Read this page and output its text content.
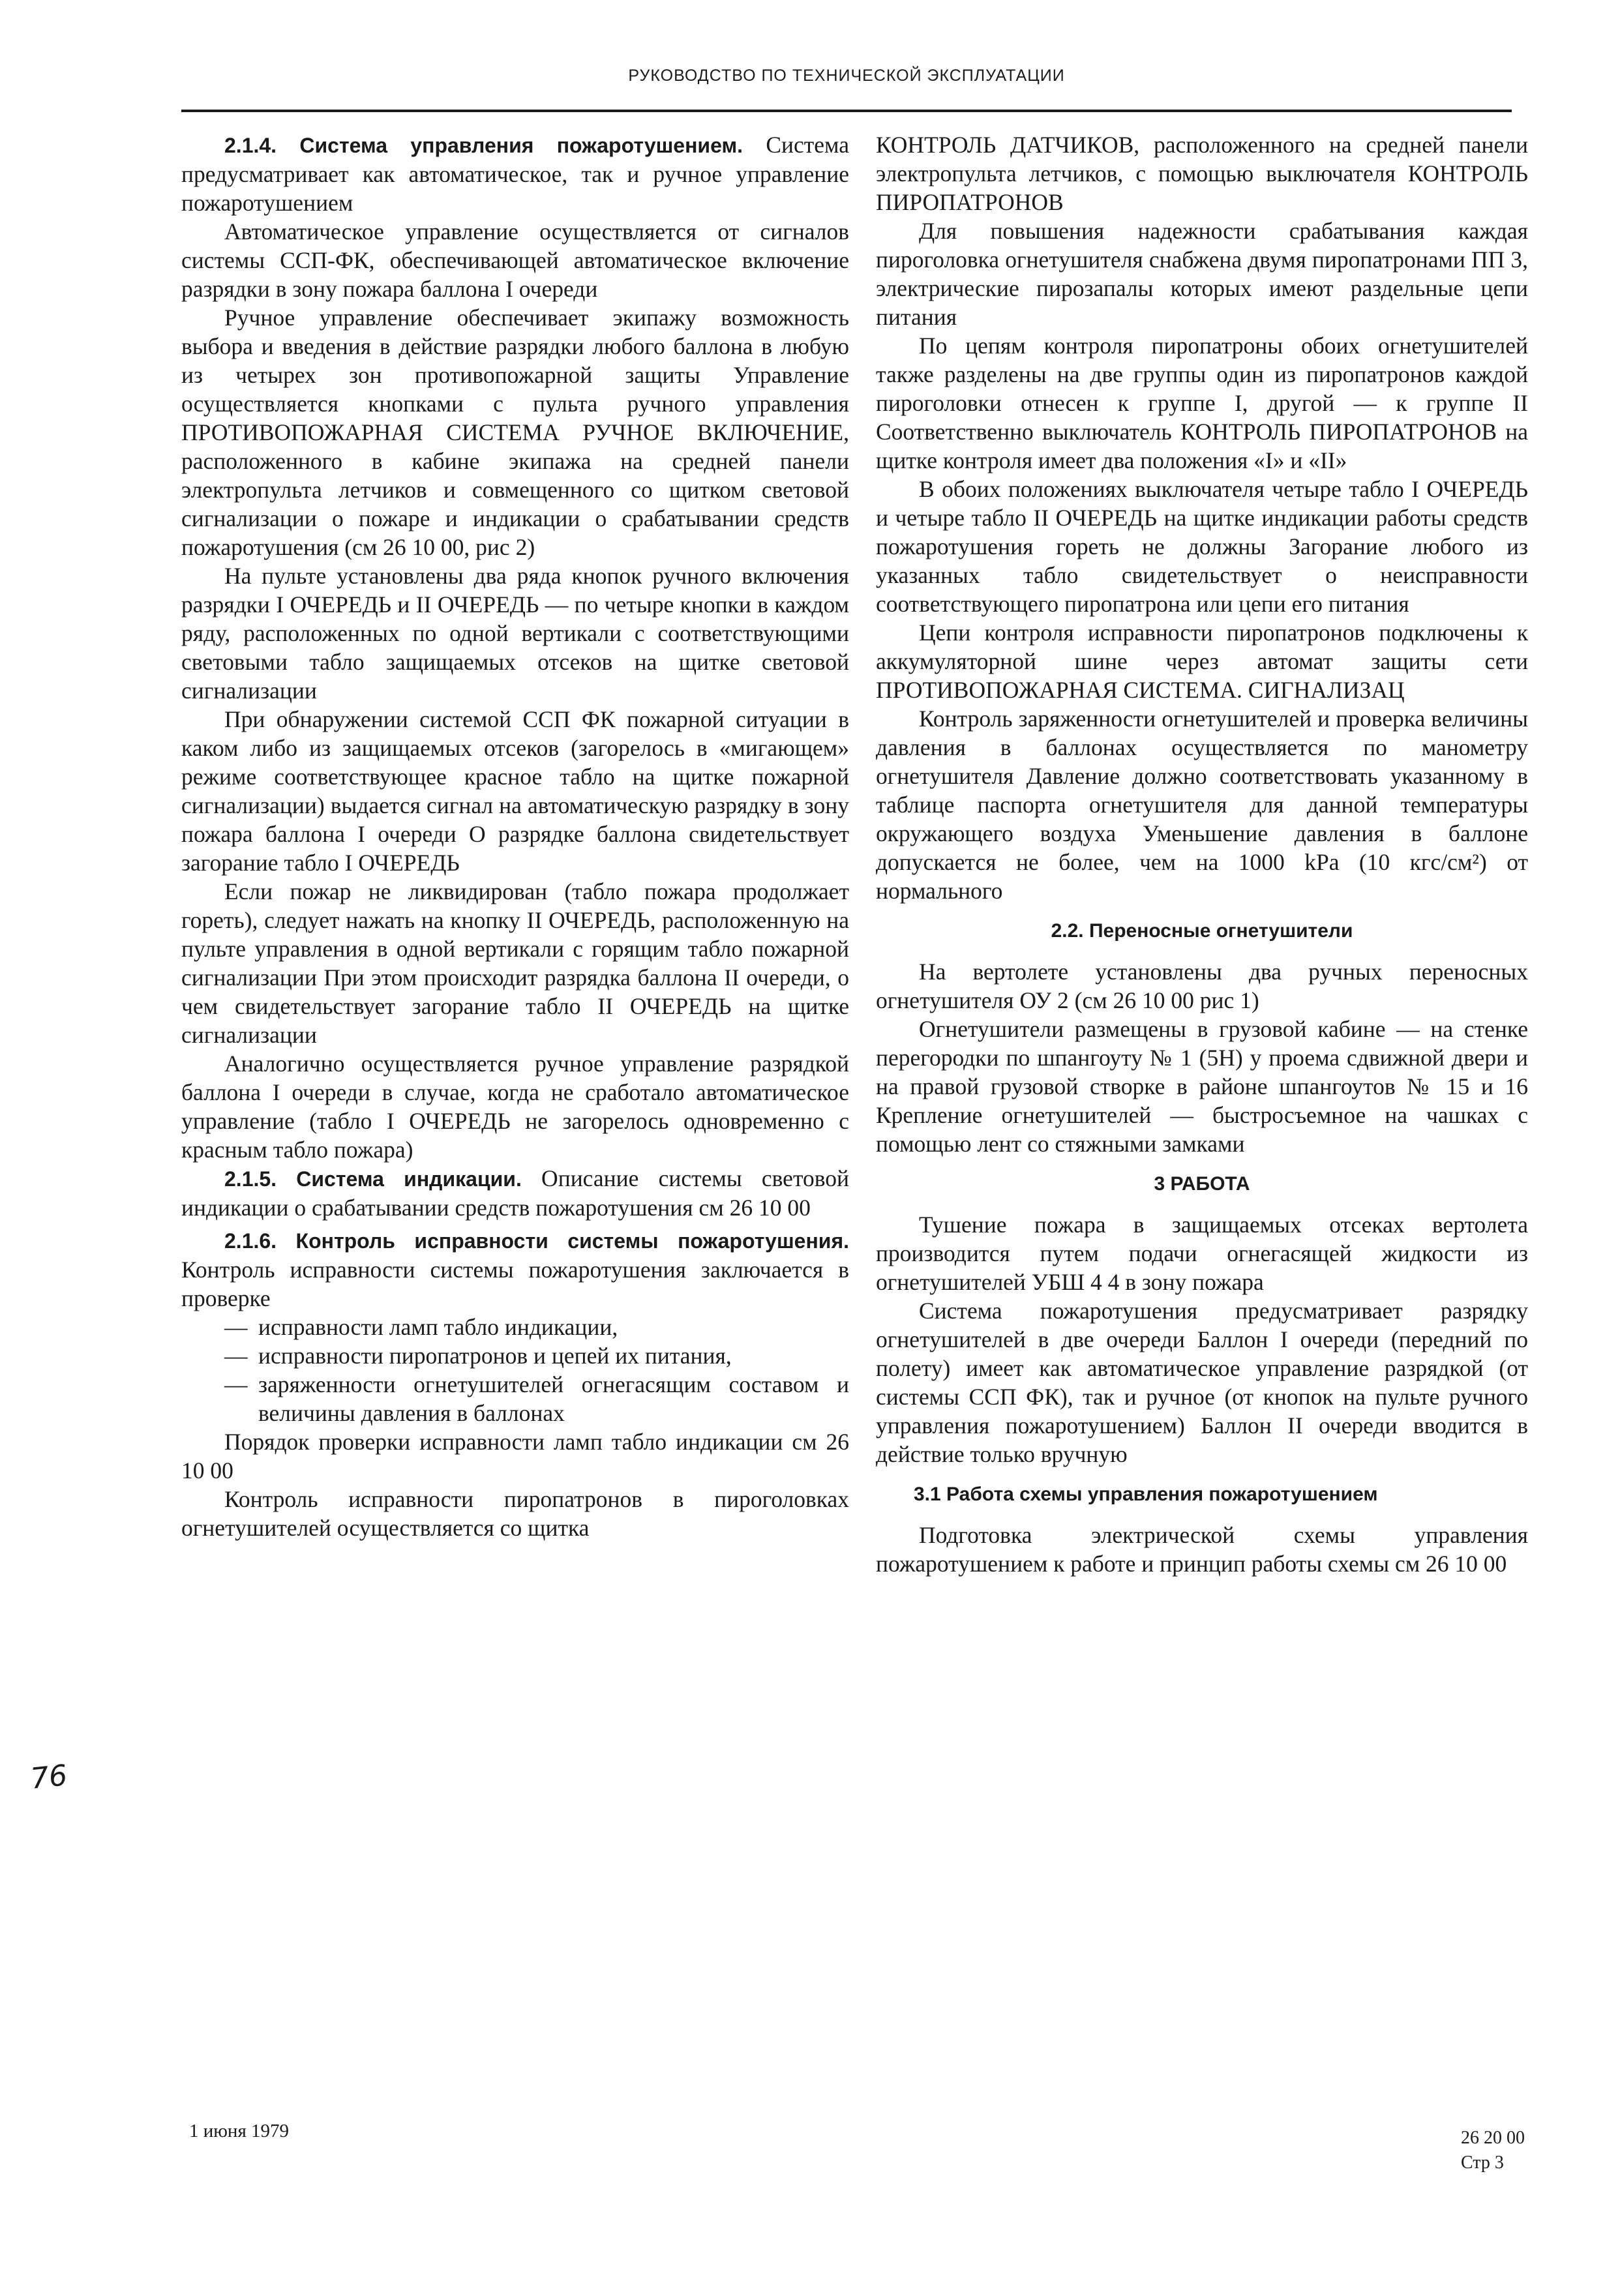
РУКОВОДСТВО ПО ТЕХНИЧЕСКОЙ ЭКСПЛУАТАЦИИ

2.1.4. Система управления пожаротушением. Система предусматривает как автоматическое, так и ручное управление пожаротушением

Автоматическое управление осуществляется от сигналов системы ССП-ФК, обеспечивающей автоматическое включение разрядки в зону пожара баллона I очереди

Ручное управление обеспечивает экипажу возможность выбора и введения в действие разрядки любого баллона в любую из четырех зон противопожарной защиты Управление осуществляется кнопками с пульта ручного управления ПРОТИВОПОЖАРНАЯ СИСТЕМА РУЧНОЕ ВКЛЮЧЕНИЕ, расположенного в кабине экипажа на средней панели электропульта летчиков и совмещенного со щитком световой сигнализации о пожаре и индикации о срабатывании средств пожаротушения (см 26 10 00, рис 2)

На пульте установлены два ряда кнопок ручного включения разрядки I ОЧЕРЕДЬ и II ОЧЕРЕДЬ — по четыре кнопки в каждом ряду, расположенных по одной вертикали с соответствующими световыми табло защищаемых отсеков на щитке световой сигнализации

При обнаружении системой ССП ФК пожарной ситуации в каком либо из защищаемых отсеков (загорелось в «мигающем» режиме соответствующее красное табло на щитке пожарной сигнализации) выдается сигнал на автоматическую разрядку в зону пожара баллона I очереди О разрядке баллона свидетельствует загорание табло I ОЧЕРЕДЬ

Если пожар не ликвидирован (табло пожара продолжает гореть), следует нажать на кнопку II ОЧЕРЕДЬ, расположенную на пульте управления в одной вертикали с горящим табло пожарной сигнализации При этом происходит разрядка баллона II очереди, о чем свидетельствует загорание табло II ОЧЕРЕДЬ на щитке сигнализации

Аналогично осуществляется ручное управление разрядкой баллона I очереди в случае, когда не сработало автоматическое управление (табло I ОЧЕРЕДЬ не загорелось одновременно с красным табло пожара)

2.1.5. Система индикации. Описание системы световой индикации о срабатывании средств пожаротушения см 26 10 00

2.1.6. Контроль исправности системы пожаротушения. Контроль исправности системы пожаротушения заключается в проверке

— исправности ламп табло индикации,
— исправности пиропатронов и цепей их питания,
— заряженности огнетушителей огнегасящим составом и величины давления в баллонах

Порядок проверки исправности ламп табло индикации см 26 10 00

Контроль исправности пиропатронов в пироголовках огнетушителей осуществляется со щитка

КОНТРОЛЬ ДАТЧИКОВ, расположенного на средней панели электропульта летчиков, с помощью выключателя КОНТРОЛЬ ПИРОПАТРОНОВ

Для повышения надежности срабатывания каждая пироголовка огнетушителя снабжена двумя пиропатронами ПП 3, электрические пирозапалы которых имеют раздельные цепи питания

По цепям контроля пиропатроны обоих огнетушителей также разделены на две группы один из пиропатронов каждой пироголовки отнесен к группе I, другой — к группе II Соответственно выключатель КОНТРОЛЬ ПИРОПАТРОНОВ на щитке контроля имеет два положения «I» и «II»

В обоих положениях выключателя четыре табло I ОЧЕРЕДЬ и четыре табло II ОЧЕРЕДЬ на щитке индикации работы средств пожаротушения гореть не должны Загорание любого из указанных табло свидетельствует о неисправности соответствующего пиропатрона или цепи его питания

Цепи контроля исправности пиропатронов подключены к аккумуляторной шине через автомат защиты сети ПРОТИВОПОЖАРНАЯ СИСТЕМА. СИГНАЛИЗАЦ

Контроль заряженности огнетушителей и проверка величины давления в баллонах осуществляется по манометру огнетушителя Давление должно соответствовать указанному в таблице паспорта огнетушителя для данной температуры окружающего воздуха Уменьшение давления в баллоне допускается не более, чем на 1000 kPa (10 кгс/см²) от нормального

2.2. Переносные огнетушители

На вертолете установлены два ручных переносных огнетушителя ОУ 2 (см 26 10 00 рис 1)

Огнетушители размещены в грузовой кабине — на стенке перегородки по шпангоуту № 1 (5Н) у проема сдвижной двери и на правой грузовой створке в районе шпангоутов № 15 и 16 Крепление огнетушителей — быстросъемное на чашках с помощью лент со стяжными замками

3 РАБОТА

Тушение пожара в защищаемых отсеках вертолета производится путем подачи огнегасящей жидкости из огнетушителей УБШ 4 4 в зону пожара

Система пожаротушения предусматривает разрядку огнетушителей в две очереди Баллон I очереди (передний по полету) имеет как автоматическое управление разрядкой (от системы ССП ФК), так и ручное (от кнопок на пульте ручного управления пожаротушением) Баллон II очереди вводится в действие только вручную

3.1 Работа схемы управления пожаротушением

Подготовка электрической схемы управления пожаротушением к работе и принцип работы схемы см 26 10 00

76
1 июня 1979	26 20 00
Стр 3
